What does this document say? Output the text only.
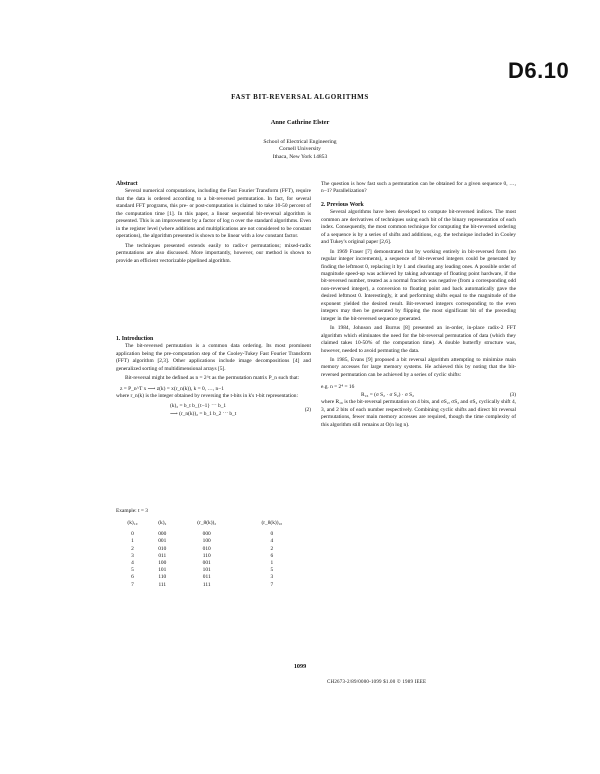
D6.10
FAST BIT-REVERSAL ALGORITHMS
Anne Cathrine Elster
School of Electrical Engineering
Cornell University
Ithaca, New York 14853
Abstract

Several numerical computations, including the Fast Fourier Transform (FFT), require that the data is ordered according to a bit-reversed permutation. In fact, for several standard FFT programs, this pre- or post-computation is claimed to take 10-50 percent of the computation time [1]. In this paper, a linear sequential bit-reversal algorithm is presented. This is an improvement by a factor of log n over the standard algorithms. Even in the register level (where additions and multiplications are not considered to be constant operations), the algorithm presented is shown to be linear with a low constant factor.

The techniques presented extends easily to radix-r permutations; mixed-radix permutations are also discussed. More importantly, however, our method is shown to provide an efficient vectorizable pipelined algorithm.

1. Introduction

The bit-reversed permutation is a common data ordering. Its most prominent application being the pre-computation step of the Cooley-Tukey Fast Fourier Transform (FFT) algorithm [2,3]. Other applications include image decompositions [4] and generalized sorting of multidimensional arrays [5].

Bit-reversal might be defined as n = 2^t as the permutation matrix P_n such that:

z = P_n^T x ⟶ z(k) = x(r_n(k)), k = 0, …, n−1

where r_n(k) is the integer obtained by reversing the t-bits in k's t-bit representation:

(k)₂ = b_t b_{t−1} ⋯ b_1
⟶ (r_n(k))₂ = b_1 b_2 ⋯ b_t
(2)
Example: t = 3
(k)₁₀	(k)₂	(r_8(k))₂	(r_8(k))₁₀

0	000	000	0
1	001	100	4
2	010	010	2
3	011	110	6
4	100	001	1
5	101	101	5
6	110	011	3
7	111	111	7

The question is how fast such a permutation can be obtained for a given sequence 0, …, n−1? Parallelization?

2. Previous Work

Several algorithms have been developed to compute bit-reversed indices. The most common are derivatives of techniques using each bit of the binary representation of each index. Consequently, the most common technique for computing the bit-reversed ordering of a sequence is by a series of shifts and additions, e.g. the technique included in Cooley and Tukey's original paper [2,6].

In 1969 Fraser [7] demonstrated that by working entirely in bit-reversed form (no regular integer increments), a sequence of bit-reversed integers could be generated by finding the leftmost 0, replacing it by 1 and clearing any leading ones. A possible order of magnitude speed-up was achieved by taking advantage of floating point hardware, if the bit-reversed number, treated as a normal fraction was negative (from a corresponding odd non-reversed integer), a conversion to floating point and back automatically gave the desired leftmost 0. Interestingly, it and performing shifts equal to the magnitude of the exponent yielded the desired result. Bit-reversed integers corresponding to the even integers may then be generated by flipping the most significant bit of the preceding integer in the bit-reversed sequence generated.

In 1984, Johnson and Burrus [8] presented an in-order, in-place radix-2 FFT algorithm which eliminates the need for the bit-reversal permutation of data (which they claimed takes 10-50% of the computation time). A double butterfly structure was, however, needed to avoid permuting the data.

In 1985, Evans [9] proposed a bit reversal algorithm attempting to minimize main memory accesses for large memory systems. He achieved this by noting that the bit-reversed permutation can be achieved by a series of cyclic shifts:

e.g. n = 2⁴ = 16
R₁₆ = (σ S₂ · σ S₂) · σ S₂	(3)

where R₁₆ is the bit-reversal permutation on 4 bits, and σS₂, σS₂ and σS₂ cyclically shift 4, 3, and 2 bits of each number respectively. Combining cyclic shifts and direct bit reversal permutations, fewer main memory accesses are required, though the time complexity of this algorithm still remains at O(n log n).

1099
CH2673-2/89/0000-1099 $1.00 © 1989 IEEE
